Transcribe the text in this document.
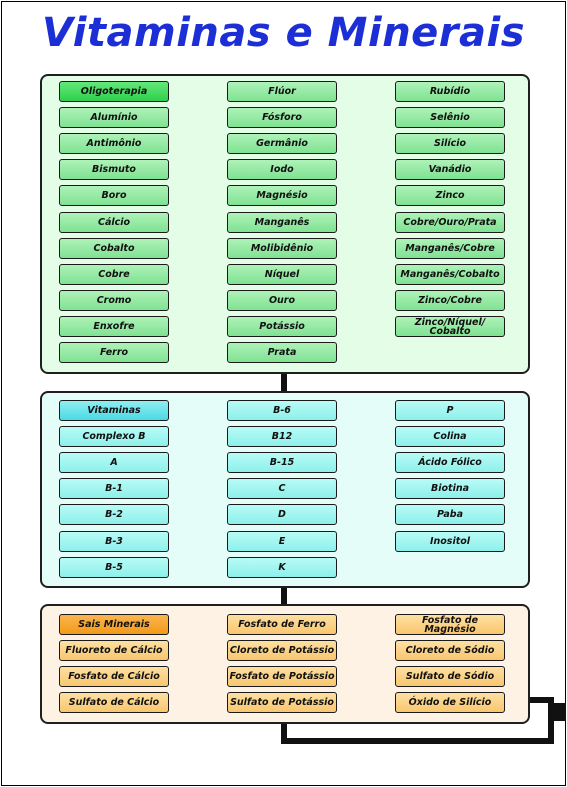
Vitaminas e Minerais
Oligoterapia
Alumínio
Antimônio
Bismuto
Boro
Cálcio
Cobalto
Cobre
Cromo
Enxofre
Ferro
Flúor
Fósforo
Germânio
Iodo
Magnésio
Manganês
Molibidênio
Níquel
Ouro
Potássio
Prata
Rubídio
Selênio
Silício
Vanádio
Zinco
Cobre/Ouro/Prata
Manganês/Cobre
Manganês/Cobalto
Zinco/Cobre
Zinco/Níquel/ Cobalto
Vitaminas
Complexo B
A
B-1
B-2
B-3
B-5
B-6
B12
B-15
C
D
E
K
P
Colina
Ácido Fólico
Biotina
Paba
Inositol
Sais Minerais
Fluoreto de Cálcio
Fosfato de Cálcio
Sulfato de Cálcio
Fosfato de Ferro
Cloreto de Potássio
Fosfato de Potássio
Sulfato de Potássio
Fosfato de Magnésio
Cloreto de Sódio
Sulfato de Sódio
Óxido de Silício
